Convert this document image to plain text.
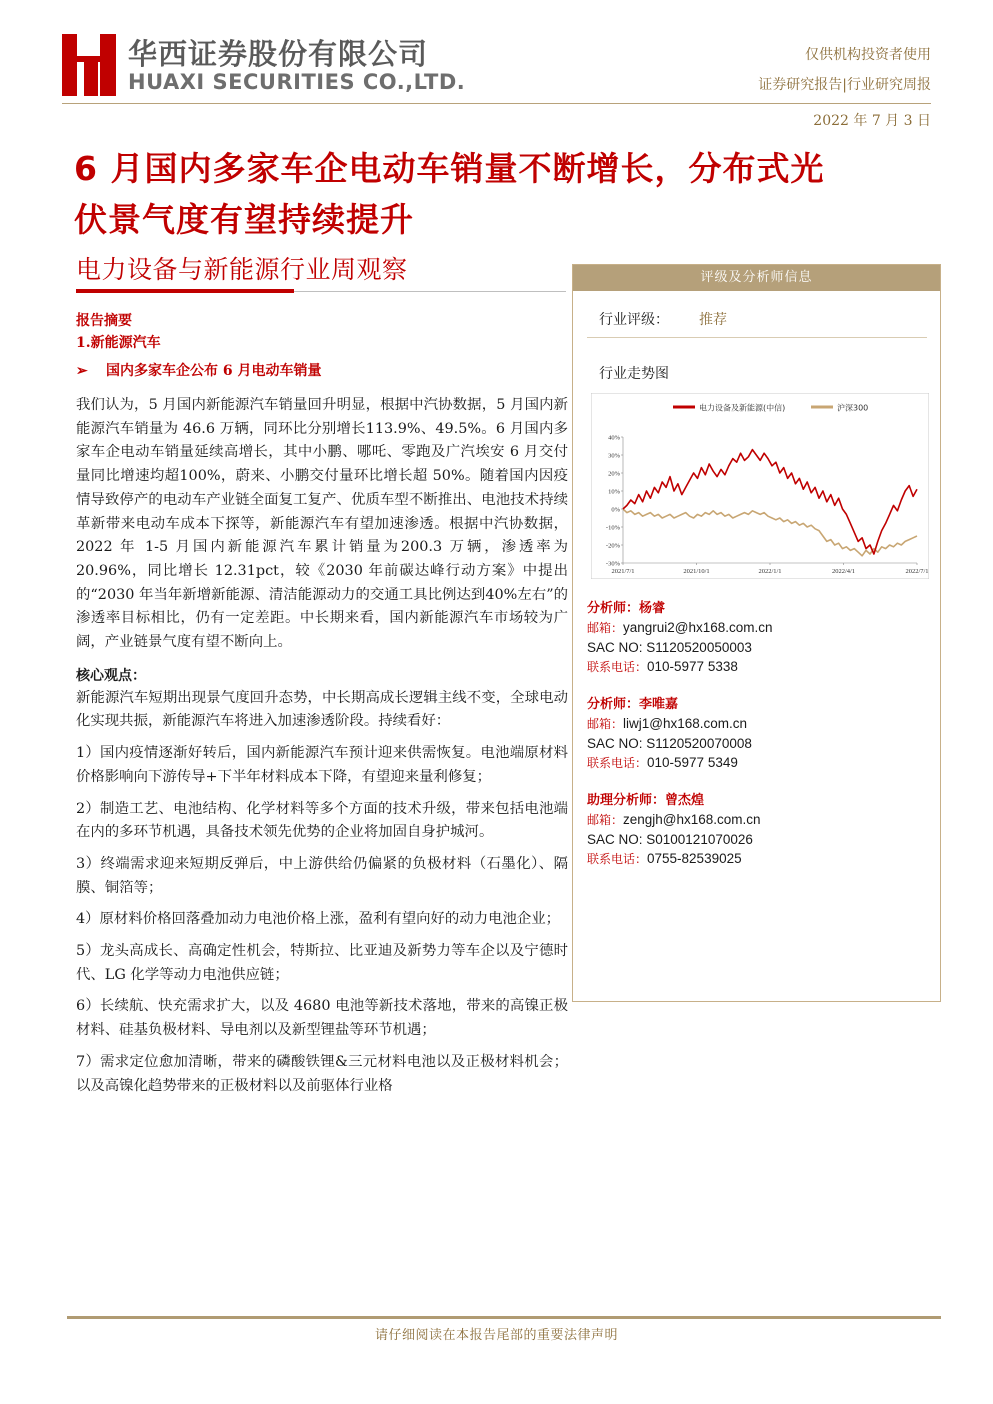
华西证券股份有限公司
HUAXI SECURITIES CO.,LTD.
仅供机构投资者使用
证券研究报告|行业研究周报
2022 年 7 月 3 日
6 月国内多家车企电动车销量不断增长，分布式光
伏景气度有望持续提升
电力设备与新能源行业周观察
报告摘要
1.新能源汽车
➢ 国内多家车企公布 6 月电动车销量

我们认为，5 月国内新能源汽车销量回升明显，根据中汽协数据，5 月国内新能源汽车销量为 46.6 万辆，同环比分别增长113.9%、49.5%。6 月国内多家车企电动车销量延续高增长，其中小鹏、哪吒、零跑及广汽埃安 6 月交付量同比增速均超100%，蔚来、小鹏交付量环比增长超 50%。随着国内因疫情导致停产的电动车产业链全面复工复产、优质车型不断推出、电池技术持续革新带来电动车成本下探等，新能源汽车有望加速渗透。根据中汽协数据，2022 年 1-5 月国内新能源汽车累计销量为200.3 万辆，渗透率为 20.96%，同比增长 12.31pct，较《2030 年前碳达峰行动方案》中提出的“2030 年当年新增新能源、清洁能源动力的交通工具比例达到40%左右”的渗透率目标相比，仍有一定差距。中长期来看，国内新能源汽车市场较为广阔，产业链景气度有望不断向上。

核心观点：

新能源汽车短期出现景气度回升态势，中长期高成长逻辑主线不变，全球电动化实现共振，新能源汽车将进入加速渗透阶段。持续看好：

1）国内疫情逐渐好转后，国内新能源汽车预计迎来供需恢复。电池端原材料价格影响向下游传导+下半年材料成本下降，有望迎来量利修复；

2）制造工艺、电池结构、化学材料等多个方面的技术升级，带来包括电池端在内的多环节机遇，具备技术领先优势的企业将加固自身护城河。

3）终端需求迎来短期反弹后，中上游供给仍偏紧的负极材料（石墨化）、隔膜、铜箔等；

4）原材料价格回落叠加动力电池价格上涨，盈利有望向好的动力电池企业；

5）龙头高成长、高确定性机会，特斯拉、比亚迪及新势力等车企以及宁德时代、LG 化学等动力电池供应链；

6）长续航、快充需求扩大，以及 4680 电池等新技术落地，带来的高镍正极材料、硅基负极材料、导电剂以及新型锂盐等环节机遇；

7）需求定位愈加清晰，带来的磷酸铁锂&三元材料电池以及正极材料机会；以及高镍化趋势带来的正极材料以及前驱体行业格

评级及分析师信息
行业评级： 推荐
行业走势图
电力设备及新能源(中信)	沪深300
40%
30%
20%
10%
0%
-10%
-20%
-30%
2021/7/1	2021/10/1	2022/1/1	2022/4/1	2022/7/1
分析师：杨睿
邮箱：yangrui2@hx168.com.cn
SAC NO: S1120520050003
联系电话：010-5977 5338
分析师：李唯嘉
邮箱：liwj1@hx168.com.cn
SAC NO: S1120520070008
联系电话：010-5977 5349
助理分析师：曾杰煌
邮箱：zengjh@hx168.com.cn
SAC NO: S0100121070026
联系电话：0755-82539025
请仔细阅读在本报告尾部的重要法律声明
